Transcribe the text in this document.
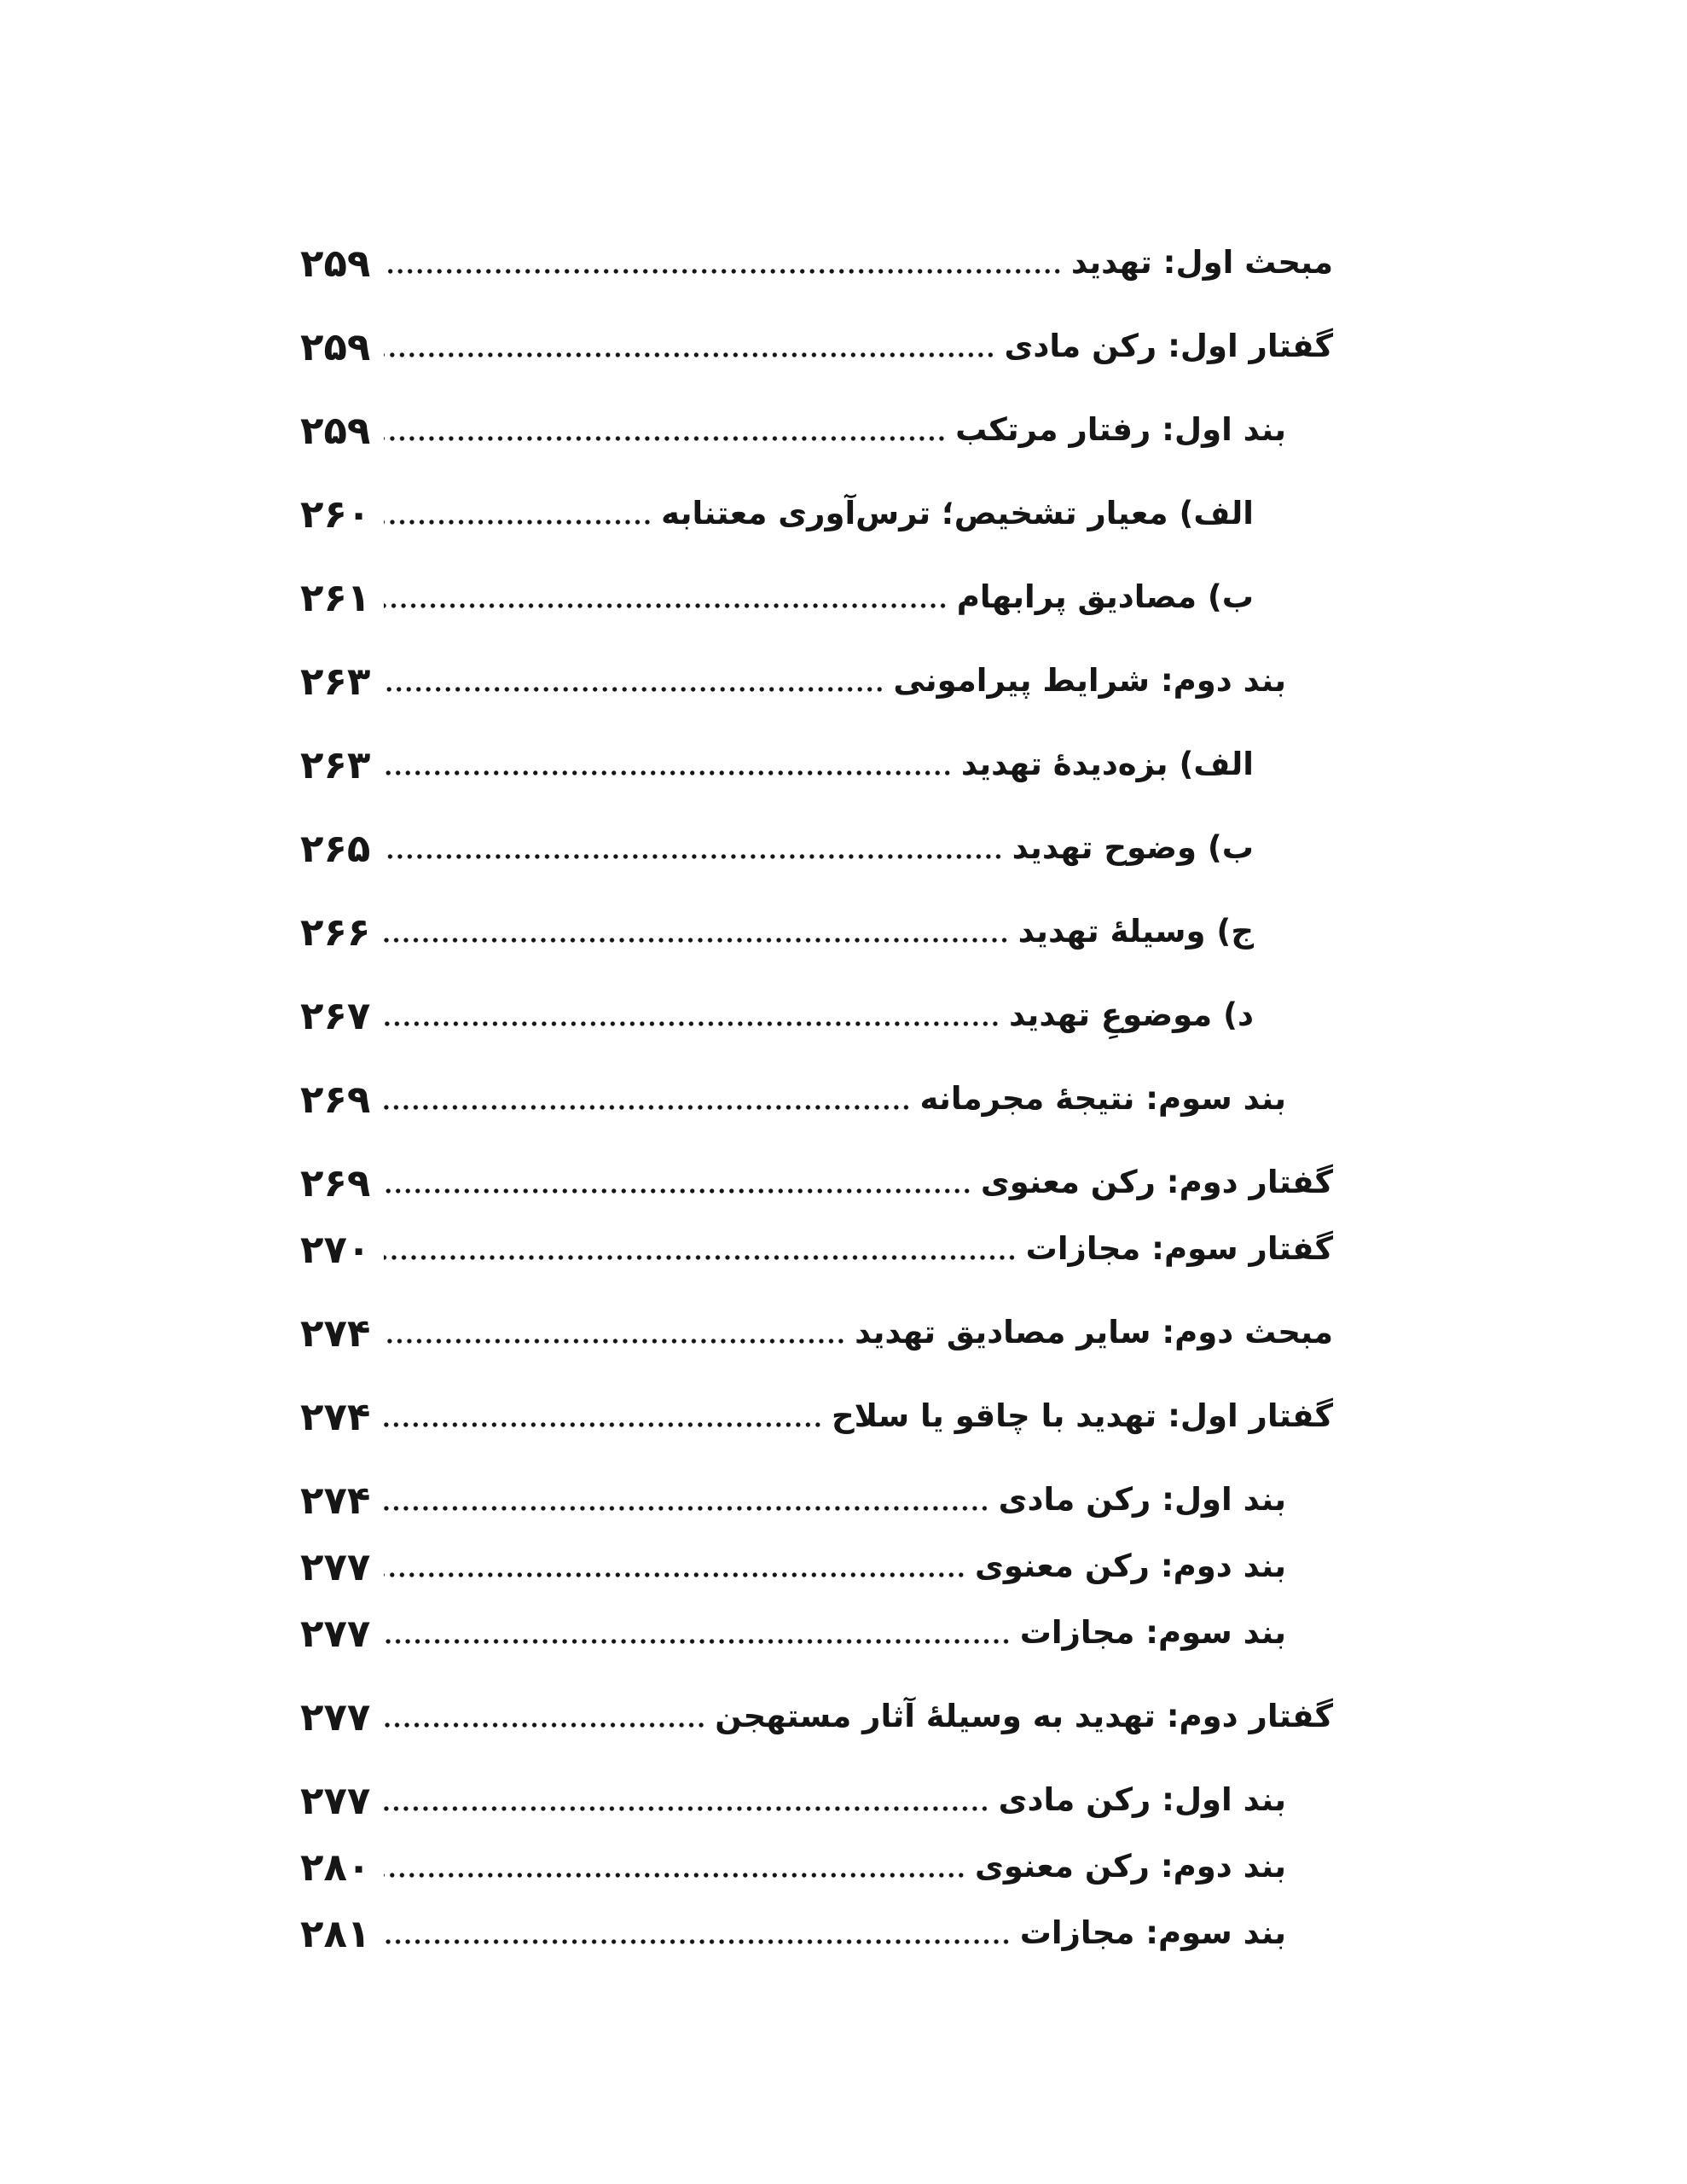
مبحث اول: تهدید
۲۵۹
گفتار اول: رکن مادی
۲۵۹
بند اول: رفتار مرتکب
۲۵۹
الف) معیار تشخیص؛ ترس‌آوری معتنابه
۲۶۰
ب) مصادیق پرابهام
۲۶۱
بند دوم: شرایط پیرامونی
۲۶۳
الف) بزه‌دیدۀ تهدید
۲۶۳
ب) وضوح تهدید
۲۶۵
ج) وسیلۀ تهدید
۲۶۶
د) موضوعِ تهدید
۲۶۷
بند سوم: نتیجۀ مجرمانه
۲۶۹
گفتار دوم: رکن معنوی
۲۶۹
گفتار سوم: مجازات
۲۷۰
مبحث دوم: سایر مصادیق تهدید
۲۷۴
گفتار اول: تهدید با چاقو یا سلاح
۲۷۴
بند اول: رکن مادی
۲۷۴
بند دوم: رکن معنوی
۲۷۷
بند سوم: مجازات
۲۷۷
گفتار دوم: تهدید به وسیلۀ آثار مستهجن
۲۷۷
بند اول: رکن مادی
۲۷۷
بند دوم: رکن معنوی
۲۸۰
بند سوم: مجازات
۲۸۱
